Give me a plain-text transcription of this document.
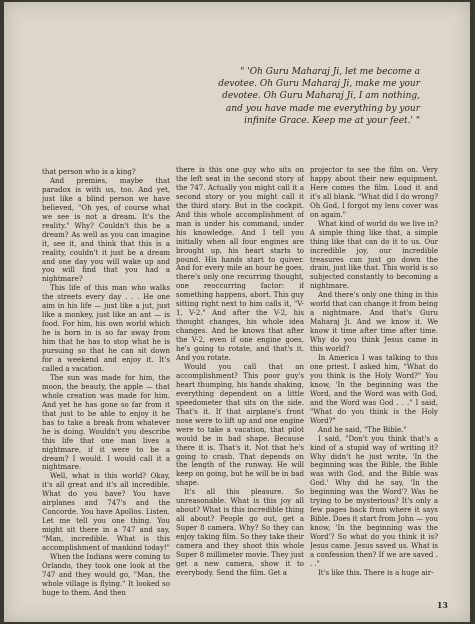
" 'Oh Guru Maharaj Ji, let me become a
devotee. Oh Guru Maharaj Ji, make me your
devotee. Oh Guru Maharaj Ji, I am nothing,
and you have made me everything by your
infinite Grace. Keep me at your feet.' "

that person who is a king?

And premies, maybe that paradox is with us, too. And yet, just like a blind person we have believed, "Oh yes, of course what we see is not a dream. It's the reality." Why? Couldn't this be a dream? As well as you can imagine it, see it, and think that this is a reality, couldn't it just be a dream and one day you will wake up and you will find that you had a nightmare?

This life of this man who walks the streets every day . . . He one aim in his life — just like a jut, just like a monkey, just like an ant — is food. For him, his own world which he is born in is so far away from him that he has to stop what he is pursuing so that he can sit down for a weekend and enjoy it. It's called a vacation.

The sun was made for him, the moon, the beauty, the apple — that whole creation was made for him. And yet he has gone so far from it that just to be able to enjoy it he has to take a break from whatever he is doing. Wouldn't you describe this life that one man lives a nightmare, if it were to be a dream? I would. I would call it a nightmare.

Well, what is this world? Okay, it's all great and it's all incredible. What do you have? You have airplanes and 747's and the Concorde. You have Apollos. Listen. Let me tell you one thing. You might sit there in a 747 and say, "Man, incredible. What is this accomplishment of mankind today!"

When the Indians were coming to Orlando, they took one look at the 747 and they would go, "Man, the whole village is flying." It looked so huge to them. And then

there is this one guy who sits on the left seat in the second story of the 747. Actually you might call it a second story or you might call it the third story. But in the cockpit. And this whole accomplishment of man is under his command, under his knowledge. And I tell you initially when all four engines are brought up, his heart starts to pound. His hands start to quiver. And for every mile an hour he goes, there's only one recurring thought, one reoccurring factor: if something happens, abort. This guy sitting right next to him calls it, "V-1, V-2." And after the V-2, his thought changes, his whole idea changes. And he knows that after the V-2, even if one engine goes, he's going to rotate, and that's it. And you rotate.

Would you call that an accomplishment? This poor guy's heart thumping, his hands shaking, everything dependent on a little speedometer that sits on the side. That's it. If that airplane's front nose were to lift up and one engine were to take a vacation, that pilot would be in bad shape. Because there it is. That's it. Not that he's going to crash. That depends on the length of the runway. He will keep on going, but he will be in bad shape.

It's all this pleasure. So unreasonable. What is this joy all about? What is this incredible thing all about? People go out, get a Super 8 camera. Why? So they can enjoy taking film. So they take their camera and they shoot this whole Super 8 millimeter movie. They just get a new camera, show it to everybody. Send the film. Get a

projector to see the film on. Very happy about their new equipment. Here comes the film. Load it and it's all blank. "What did I do wrong? Oh God, I forgot my lens cover was on again."

What kind of world do we live in? A simple thing like that, a simple thing like that can do it to us. Our incredible joy, our incredible treasures can just go down the drain, just like that. This world is so subjected constantly to becoming a nightmare.

And there's only one thing in this world that can change it from being a nightmare. And that's Guru Maharaj Ji. And we know it. We know it time after time after time. Why do you think Jesus came in this world?

In America I was talking to this one priest. I asked him, "What do you think is the Holy Word?" You know, 'In the beginning was the Word, and the Word was with God, and the Word was God . . ." I said, "What do you think is the Holy Word?"

And he said, "The Bible."

I said, "Don't you think that's a kind of a stupid way of writing it? Why didn't he just write, 'In the beginning was the Bible, the Bible was with God, and the Bible was God.' Why did he say, 'In the beginning was the Word'? Was he trying to be mysterious? It's only a few pages back from where it says Bible. Does it start from John — you know, 'In the beginning was the Word'? So what do you think it is? Jesus came. Jesus saved us. What is a confession then? If we are saved . . ."

It's like this. There is a huge air-

13
